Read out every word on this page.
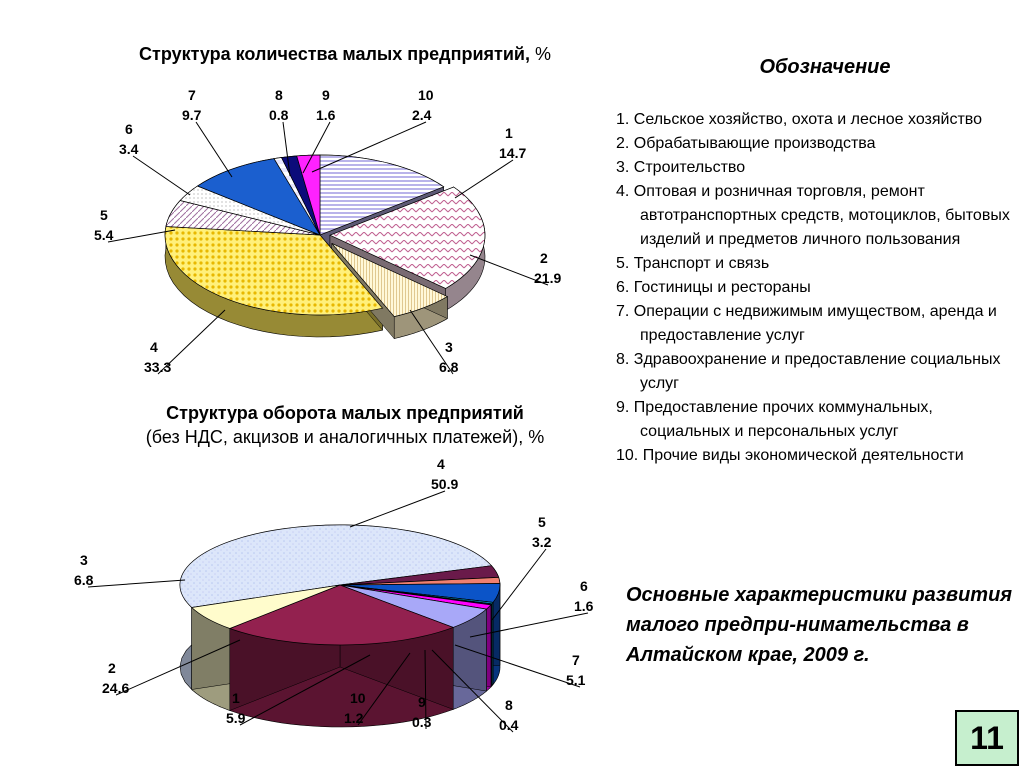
Структура количества малых предприятий, %
1
14.7
2
21.9
3
6.8
4
33.3
5
5.4
6
3.4
7
9.7
8
0.8
9
1.6
10
2.4
Структура оборота малых предприятий
(без НДС, акцизов и аналогичных платежей), %
4
50.9
5
3.2
6
1.6
7
5.1
8
0.4
9
0.3
10
1.2
1
5.9
2
24.6
3
6.8
Обозначение
1. Сельское хозяйство, охота и лесное хозяйство
2. Обрабатывающие производства
3. Строительство
4. Оптовая и розничная торговля, ремонт автотранспортных средств, мотоциклов, бытовых изделий и предметов личного пользования
5. Транспорт и связь
6. Гостиницы и рестораны
7. Операции с недвижимым имуществом, аренда и предоставление услуг
8. Здравоохранение и предоставление социальных услуг
9. Предоставление прочих коммунальных, социальных и персональных услуг
10. Прочие виды экономической деятельности
Основные характеристики развития малого предпри-нимательства в Алтайском крае, 2009 г.
11
